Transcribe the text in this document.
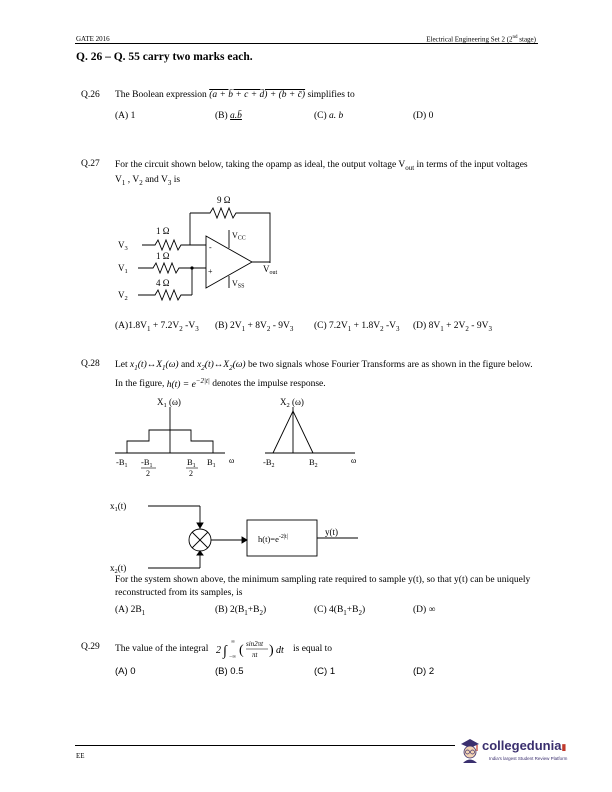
GATE 2016	Electrical Engineering Set 2 (2nd stage)
Q. 26 – Q. 55 carry two marks each.
Q.26 The Boolean expression (a + b̄ + c + d̄) + (b + c̄) simplifies to
(A) 1	(B) a.b̄	(C) a. b	(D) 0
Q.27 For the circuit shown below, taking the opamp as ideal, the output voltage $V_{out}$ in terms of the input voltages $V_1$ , $V_2$ and $V_3$ is
9 Ω
1 Ω
1 Ω
4 Ω
$V_3$
$V_1$
$V_2$
-
+
VCC
VSS
$V_{out}$
$(A)1.8V_1 + 7.2V_2$ $-V_3$ (B) $2V_1 + 8V_2 - 9V_3$ (C) $7.2V_1 + 1.8V_2$ $-V_3$ (D) $8V_1 + 2V_2 - 9V_3$
Q.28 Let $x_1(t)\leftrightarrow X_1(\omega)$ and $x_2(t)\leftrightarrow X_2(\omega)$ be two signals whose Fourier Transforms are as shown in the figure below. In the figure, $h(t) = e^{-2|t|}$ denotes the impulse response.
$X_1$ (ω)	$X_2$ (ω)
ω	ω
$-B_1$ $-B_1$
2
$B_1$
2
$B_1$	$-B_2$	$B_2$
$x_1(t)$
$x_2(t)$
$h(t)=e^{-2|t|}$	y(t)
For the system shown above, the minimum sampling rate required to sample y(t), so that y(t) can be uniquely reconstructed from its samples, is
(A) $2B_1$	(B) $2(B_1+B_2)$	(C) $4(B_1+B_2)$	(D) ∞
Q.29 The value of the integral 2 ∫
∞
−∞ ( sin2πt
πt ) dt is equal to
(A) 0	(B) 0.5	(C) 1	(D) 2
EE
collegedunia▮
India's largest Student Review Platform
